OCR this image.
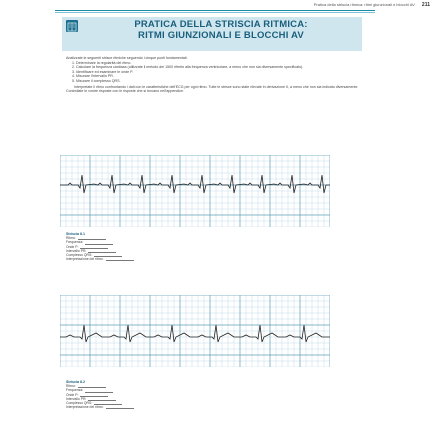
Pratica della striscia ritmica: ritmi giunzionali e blocchi AV 211
PRATICA DELLA STRISCIA RITMICA:
RITMI GIUNZIONALI E BLOCCHI AV

Analizzate le seguenti strisce ritmiche seguendo i cinque punti fondamentali:

1. Determinare la regolarità del ritmo.
2. Calcolare la frequenza cardiaca (utilizzate il metodo dei 1500 riferito alla frequenza ventricolare, a meno che non sia diversamente specificato).
3. Identificare ed esaminare le onde P.
4. Misurare l'intervallo PR.
5. Misurare il complesso QRS.

Interpretate il ritmo confrontando i dati con le caratteristiche dell'ECG per ogni ritmo. Tutte le strisce sono state rilevate in derivazione II, a meno che non sia indicato diversamente. Controllate le vostre risposte con le risposte che si trovano nell'appendice.

Striscia 8.1
Ritmo:
Frequenza:
Onde P:
Intervallo PR:
Complesso QRS:
Interpretazione del ritmo:
Striscia 8.2
Ritmo:
Frequenza:
Onde P:
Intervallo PR:
Complesso QRS:
Interpretazione del ritmo:
